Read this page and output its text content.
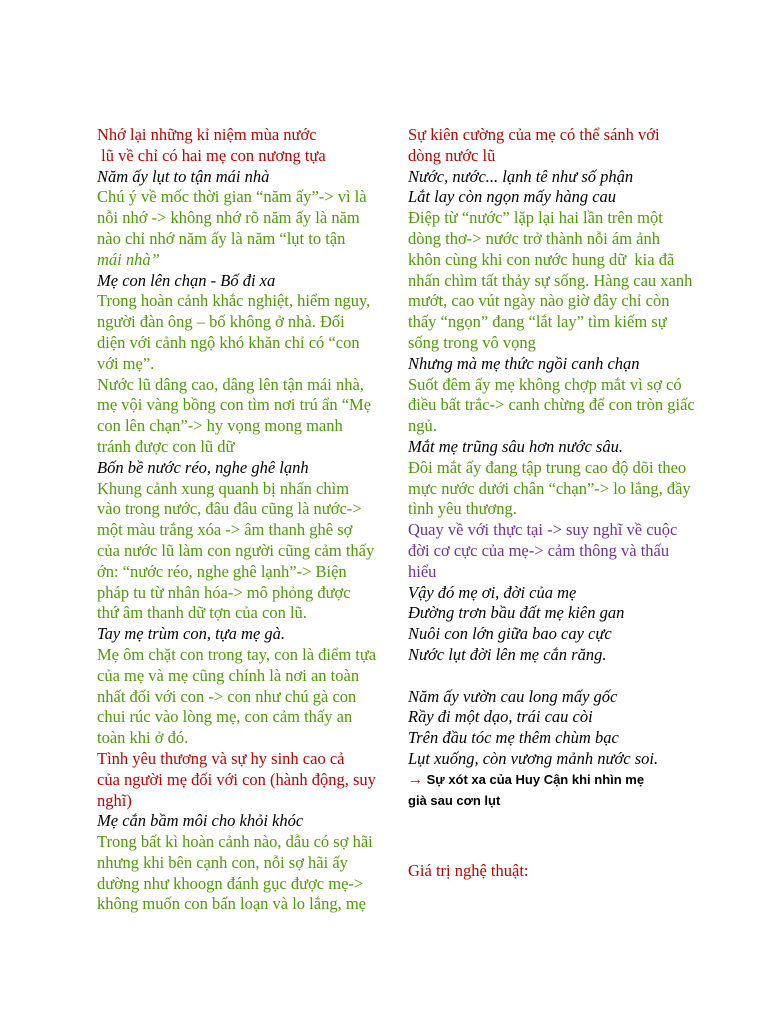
Nhớ lại những kỉ niệm mùa nước
lũ về chỉ có hai mẹ con nương tựa
Năm ấy lụt to tận mái nhà
Chú ý về mốc thời gian “năm ấy”-> vì là
nỗi nhớ -> không nhớ rõ năm ấy là năm
nào chỉ nhớ năm ấy là năm “lụt to tận
mái nhà”
Mẹ con lên chạn - Bố đi xa
Trong hoàn cảnh khắc nghiệt, hiểm nguy,
người đàn ông – bố không ở nhà. Đối
diện với cảnh ngộ khó khăn chỉ có “con
với mẹ”.
Nước lũ dâng cao, dâng lên tận mái nhà,
mẹ vội vàng bồng con tìm nơi trú ẩn “Mẹ
con lên chạn”-> hy vọng mong manh
tránh được con lũ dữ
Bốn bề nước réo, nghe ghê lạnh
Khung cảnh xung quanh bị nhấn chìm
vào trong nước, đâu đâu cũng là nước->
một màu trắng xóa -> âm thanh ghê sợ
của nước lũ làm con người cũng cảm thấy
ớn: “nước réo, nghe ghê lạnh”-> Biện
pháp tu từ nhân hóa-> mô phỏng được
thứ âm thanh dữ tợn của con lũ.
Tay mẹ trùm con, tựa mẹ gà.
Mẹ ôm chặt con trong tay, con là điểm tựa
của mẹ và mẹ cũng chính là nơi an toàn
nhất đối với con -> con như chú gà con
chui rúc vào lòng mẹ, con cảm thấy an
toàn khi ở đó.
Tình yêu thương và sự hy sinh cao cả
của người mẹ đối với con (hành động, suy
nghĩ)
Mẹ cắn bầm môi cho khỏi khóc
Trong bất kì hoàn cảnh nào, dẫu có sợ hãi
nhưng khi bên cạnh con, nỗi sợ hãi ấy
dường như khoogn đánh gục được mẹ->
không muốn con bấn loạn và lo lắng, mẹ
Sự kiên cường của mẹ có thể sánh với
dòng nước lũ
Nước, nước... lạnh tê như số phận
Lắt lay còn ngọn mấy hàng cau
Điệp từ “nước” lặp lại hai lần trên một
dòng thơ-> nước trở thành nỗi ám ảnh
khôn cùng khi con nước hung dữ  kia đã
nhấn chìm tất thảy sự sống. Hàng cau xanh
mướt, cao vút ngày nào giờ đây chỉ còn
thấy “ngọn” đang “lắt lay” tìm kiếm sự
sống trong vô vọng
Nhưng mà mẹ thức ngồi canh chạn
Suốt đêm ấy mẹ không chợp mắt vì sợ có
điều bất trắc-> canh chừng để con tròn giấc
ngủ.
Mắt mẹ trũng sâu hơn nước sâu.
Đôi mắt ấy đang tập trung cao độ dõi theo
mực nước dưới chân “chạn”-> lo lắng, đầy
tình yêu thương.
Quay về với thực tại -> suy nghĩ về cuộc
đời cơ cực của mẹ-> cảm thông và thấu
hiểu
Vậy đó mẹ ơi, đời của mẹ
Đường trơn bầu đất mẹ kiên gan
Nuôi con lớn giữa bao cay cực
Nước lụt đời lên mẹ cắn răng.
Năm ấy vườn cau long mấy gốc
Rầy đi một dạo, trái cau còi
Trên đầu tóc mẹ thêm chùm bạc
Lụt xuống, còn vương mảnh nước soi.
→ Sự xót xa của Huy Cận khi nhìn mẹ
già sau cơn lụt
Giá trị nghệ thuật:
